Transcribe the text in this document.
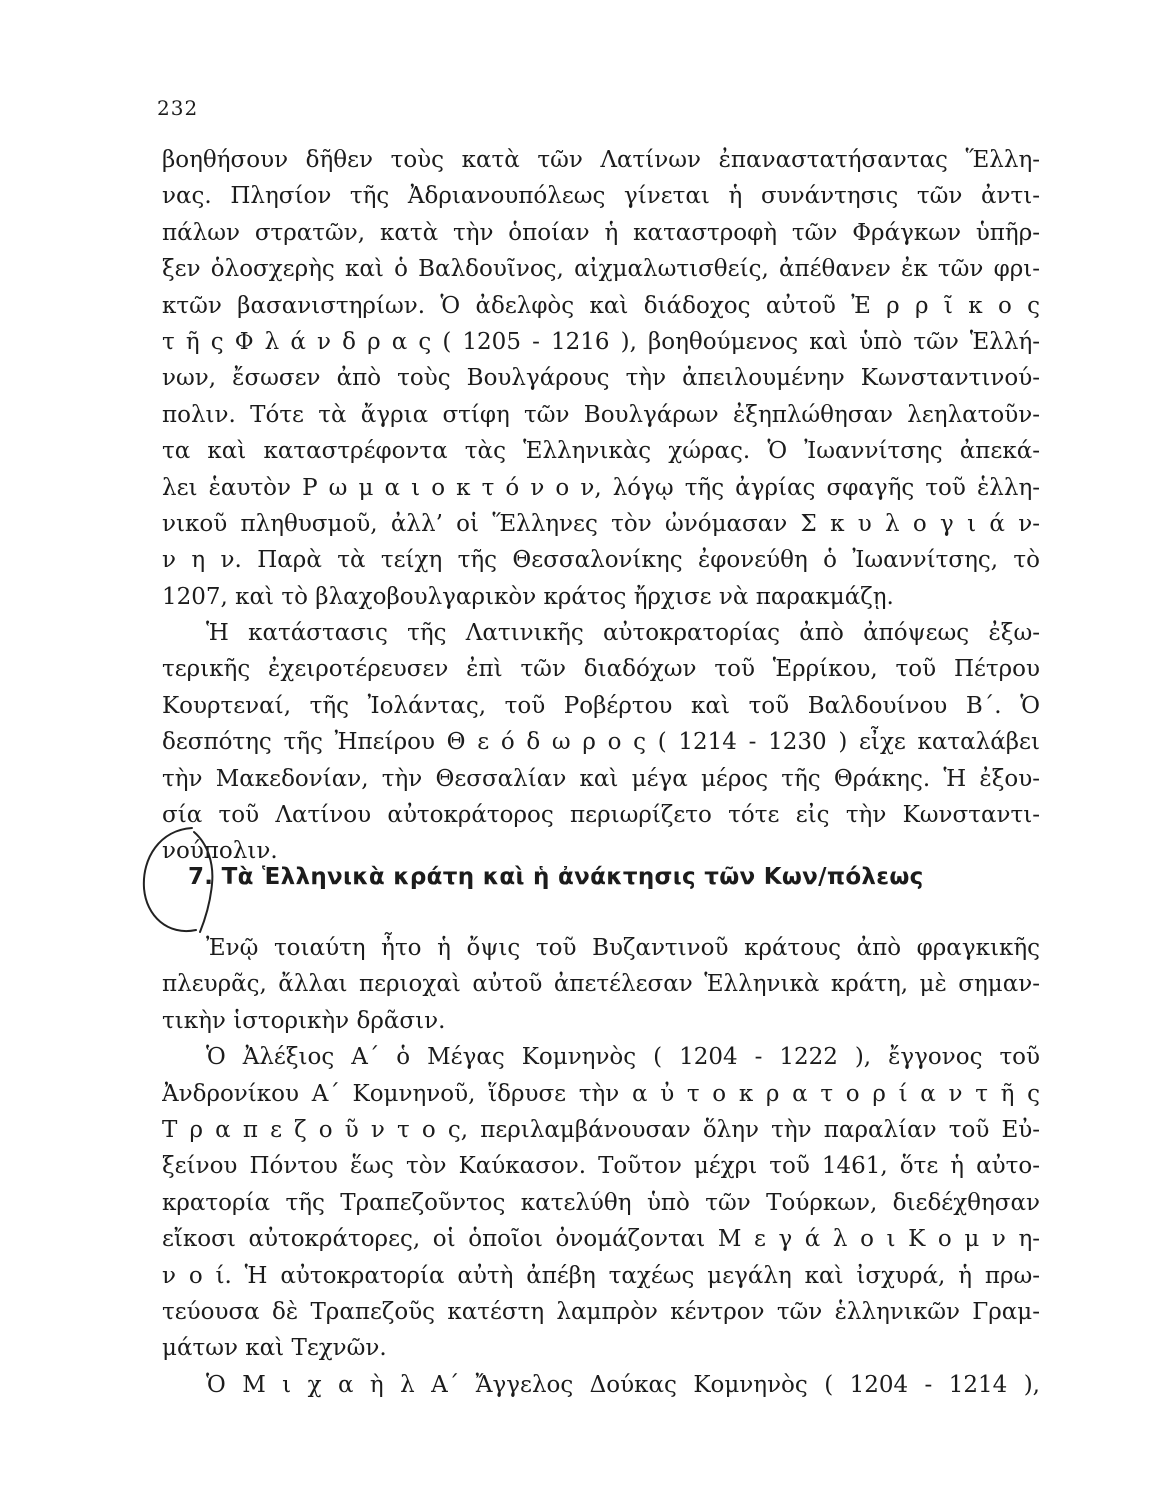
232
βοηθήσουν δῆθεν τοὺς κατὰ τῶν Λατίνων ἐπαναστατήσαντας Ἕλλη-
νας. Πλησίον τῆς Ἀδριανουπόλεως γίνεται ἡ συνάντησις τῶν ἀντι-
πάλων στρατῶν, κατὰ τὴν ὁποίαν ἡ καταστροφὴ τῶν Φράγκων ὑπῆρ-
ξεν ὁλοσχερὴς καὶ ὁ Βαλδουῖνος, αἰχμαλωτισθείς, ἀπέθανεν ἐκ τῶν φρι-
κτῶν βασανιστηρίων. Ὁ ἀδελφὸς καὶ διάδοχος αὐτοῦ Ἐ ρ ρ ῖ κ ο ς
τ ῆ ς Φ λ ά ν δ ρ α ς ( 1205 - 1216 ), βοηθούμενος καὶ ὑπὸ τῶν Ἑλλή-
νων, ἔσωσεν ἀπὸ τοὺς Βουλγάρους τὴν ἀπειλουμένην Κωνσταντινού-
πολιν. Τότε τὰ ἄγρια στίφη τῶν Βουλγάρων ἐξηπλώθησαν λεηλατοῦν-
τα καὶ καταστρέφοντα τὰς Ἑλληνικὰς χώρας. Ὁ Ἰωαννίτσης ἀπεκά-
λει ἑαυτὸν Ρ ω μ α ι ο κ τ ό ν ο ν, λόγῳ τῆς ἀγρίας σφαγῆς τοῦ ἑλλη-
νικοῦ πληθυσμοῦ, ἀλλ’ οἱ Ἕλληνες τὸν ὠνόμασαν Σ κ υ λ ο γ ι ά ν-
ν η ν. Παρὰ τὰ τείχη τῆς Θεσσαλονίκης ἐφονεύθη ὁ Ἰωαννίτσης, τὸ
1207, καὶ τὸ βλαχοβουλγαρικὸν κράτος ἤρχισε νὰ παρακμάζῃ.
Ἡ κατάστασις τῆς Λατινικῆς αὐτοκρατορίας ἀπὸ ἀπόψεως ἐξω-
τερικῆς ἐχειροτέρευσεν ἐπὶ τῶν διαδόχων τοῦ Ἑρρίκου, τοῦ Πέτρου
Κουρτεναί, τῆς Ἰολάντας, τοῦ Ροβέρτου καὶ τοῦ Βαλδουίνου Β΄. Ὁ
δεσπότης τῆς Ἠπείρου Θ ε ό δ ω ρ ο ς ( 1214 - 1230 ) εἶχε καταλάβει
τὴν Μακεδονίαν, τὴν Θεσσαλίαν καὶ μέγα μέρος τῆς Θράκης. Ἡ ἐξου-
σία τοῦ Λατίνου αὐτοκράτορος περιωρίζετο τότε εἰς τὴν Κωνσταντι-
νούπολιν.
7. Τὰ Ἑλληνικὰ κράτη καὶ ἡ ἀνάκτησις τῶν Κων/πόλεως
Ἐνῷ τοιαύτη ἦτο ἡ ὄψις τοῦ Βυζαντινοῦ κράτους ἀπὸ φραγκικῆς
πλευρᾶς, ἄλλαι περιοχαὶ αὐτοῦ ἀπετέλεσαν Ἑλληνικὰ κράτη, μὲ σημαν-
τικὴν ἱστορικὴν δρᾶσιν.
Ὁ Ἀλέξιος Α΄ ὁ Μέγας Κομνηνὸς ( 1204 - 1222 ), ἔγγονος τοῦ
Ἀνδρονίκου Α΄ Κομνηνοῦ, ἵδρυσε τὴν α ὐ τ ο κ ρ α τ ο ρ ί α ν τ ῆ ς
Τ ρ α π ε ζ ο ῦ ν τ ο ς, περιλαμβάνουσαν ὅλην τὴν παραλίαν τοῦ Εὐ-
ξείνου Πόντου ἕως τὸν Καύκασον. Τοῦτον μέχρι τοῦ 1461, ὅτε ἡ αὐτο-
κρατορία τῆς Τραπεζοῦντος κατελύθη ὑπὸ τῶν Τούρκων, διεδέχθησαν
εἴκοσι αὐτοκράτορες, οἱ ὁποῖοι ὀνομάζονται Μ ε γ ά λ ο ι Κ ο μ ν η-
ν ο ί. Ἡ αὐτοκρατορία αὐτὴ ἀπέβη ταχέως μεγάλη καὶ ἰσχυρά, ἡ πρω-
τεύουσα δὲ Τραπεζοῦς κατέστη λαμπρὸν κέντρον τῶν ἑλληνικῶν Γραμ-
μάτων καὶ Τεχνῶν.
Ὁ Μ ι χ α ὴ λ Α΄ Ἄγγελος Δούκας Κομνηνὸς ( 1204 - 1214 ),
